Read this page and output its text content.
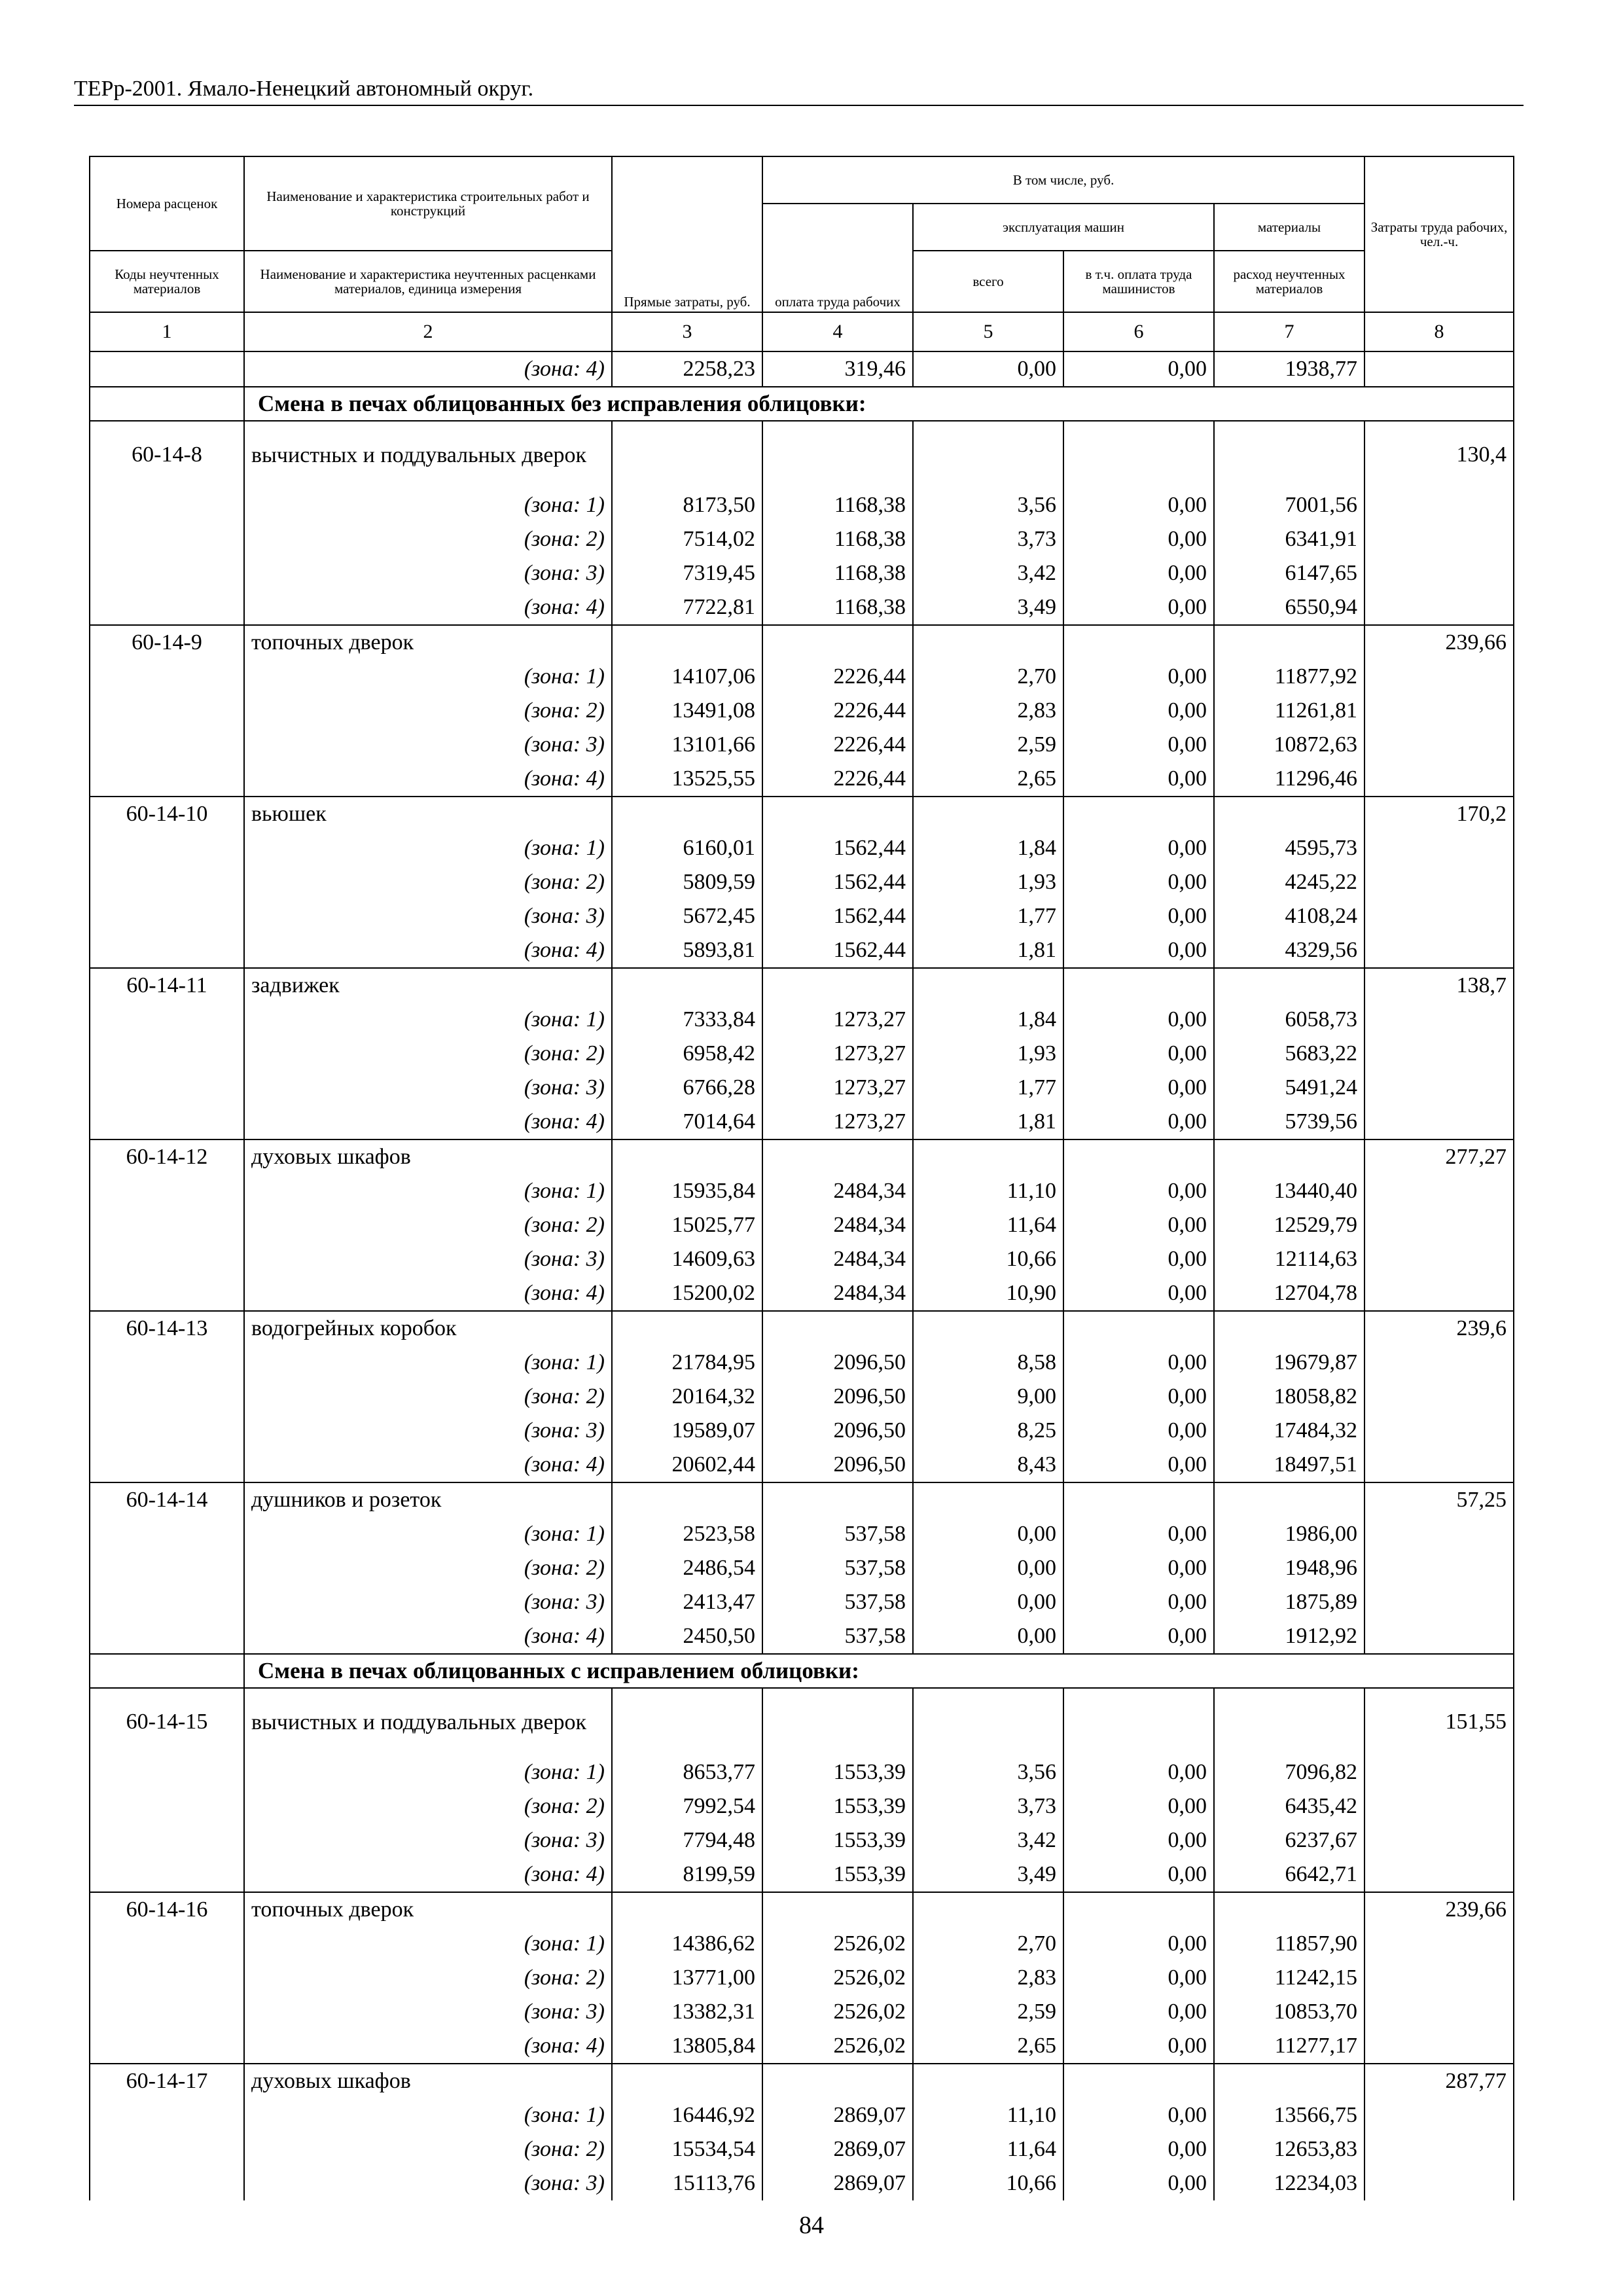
ТЕРр-2001. Ямало-Ненецкий автономный округ.
Номера расценок	Наименование и характеристика строительных работ и конструкций	Прямые затраты, руб.	В том числе, руб.				Затраты труда рабочих, чел.-ч.
			оплата труда рабочих	эксплуатация машин		материалы	
Коды неучтенных материалов	Наименование и характеристика неучтенных расценками материалов, единица измерения			всего	в т.ч. оплата труда машинистов	расход неучтенных материалов	
1	2	3	4	5	6	7	8
	(зона: 4)	2258,23	319,46	0,00	0,00	1938,77	
	Смена в печах облицованных без исправления облицовки:						
60-14-8	вычистных и поддувальных дверок						130,4
	(зона: 1)	8173,50	1168,38	3,56	0,00	7001,56	
	(зона: 2)	7514,02	1168,38	3,73	0,00	6341,91	
	(зона: 3)	7319,45	1168,38	3,42	0,00	6147,65	
	(зона: 4)	7722,81	1168,38	3,49	0,00	6550,94	
60-14-9	топочных дверок						239,66
	(зона: 1)	14107,06	2226,44	2,70	0,00	11877,92	
	(зона: 2)	13491,08	2226,44	2,83	0,00	11261,81	
	(зона: 3)	13101,66	2226,44	2,59	0,00	10872,63	
	(зона: 4)	13525,55	2226,44	2,65	0,00	11296,46	
60-14-10	вьюшек						170,2
	(зона: 1)	6160,01	1562,44	1,84	0,00	4595,73	
	(зона: 2)	5809,59	1562,44	1,93	0,00	4245,22	
	(зона: 3)	5672,45	1562,44	1,77	0,00	4108,24	
	(зона: 4)	5893,81	1562,44	1,81	0,00	4329,56	
60-14-11	задвижек						138,7
	(зона: 1)	7333,84	1273,27	1,84	0,00	6058,73	
	(зона: 2)	6958,42	1273,27	1,93	0,00	5683,22	
	(зона: 3)	6766,28	1273,27	1,77	0,00	5491,24	
	(зона: 4)	7014,64	1273,27	1,81	0,00	5739,56	
60-14-12	духовых шкафов						277,27
	(зона: 1)	15935,84	2484,34	11,10	0,00	13440,40	
	(зона: 2)	15025,77	2484,34	11,64	0,00	12529,79	
	(зона: 3)	14609,63	2484,34	10,66	0,00	12114,63	
	(зона: 4)	15200,02	2484,34	10,90	0,00	12704,78	
60-14-13	водогрейных коробок						239,6
	(зона: 1)	21784,95	2096,50	8,58	0,00	19679,87	
	(зона: 2)	20164,32	2096,50	9,00	0,00	18058,82	
	(зона: 3)	19589,07	2096,50	8,25	0,00	17484,32	
	(зона: 4)	20602,44	2096,50	8,43	0,00	18497,51	
60-14-14	душников и розеток						57,25
	(зона: 1)	2523,58	537,58	0,00	0,00	1986,00	
	(зона: 2)	2486,54	537,58	0,00	0,00	1948,96	
	(зона: 3)	2413,47	537,58	0,00	0,00	1875,89	
	(зона: 4)	2450,50	537,58	0,00	0,00	1912,92	
	Смена в печах облицованных с исправлением облицовки:						
60-14-15	вычистных и поддувальных дверок						151,55
	(зона: 1)	8653,77	1553,39	3,56	0,00	7096,82	
	(зона: 2)	7992,54	1553,39	3,73	0,00	6435,42	
	(зона: 3)	7794,48	1553,39	3,42	0,00	6237,67	
	(зона: 4)	8199,59	1553,39	3,49	0,00	6642,71	
60-14-16	топочных дверок						239,66
	(зона: 1)	14386,62	2526,02	2,70	0,00	11857,90	
	(зона: 2)	13771,00	2526,02	2,83	0,00	11242,15	
	(зона: 3)	13382,31	2526,02	2,59	0,00	10853,70	
	(зона: 4)	13805,84	2526,02	2,65	0,00	11277,17	
60-14-17	духовых шкафов						287,77
	(зона: 1)	16446,92	2869,07	11,10	0,00	13566,75	
	(зона: 2)	15534,54	2869,07	11,64	0,00	12653,83	
	(зона: 3)	15113,76	2869,07	10,66	0,00	12234,03	
84
